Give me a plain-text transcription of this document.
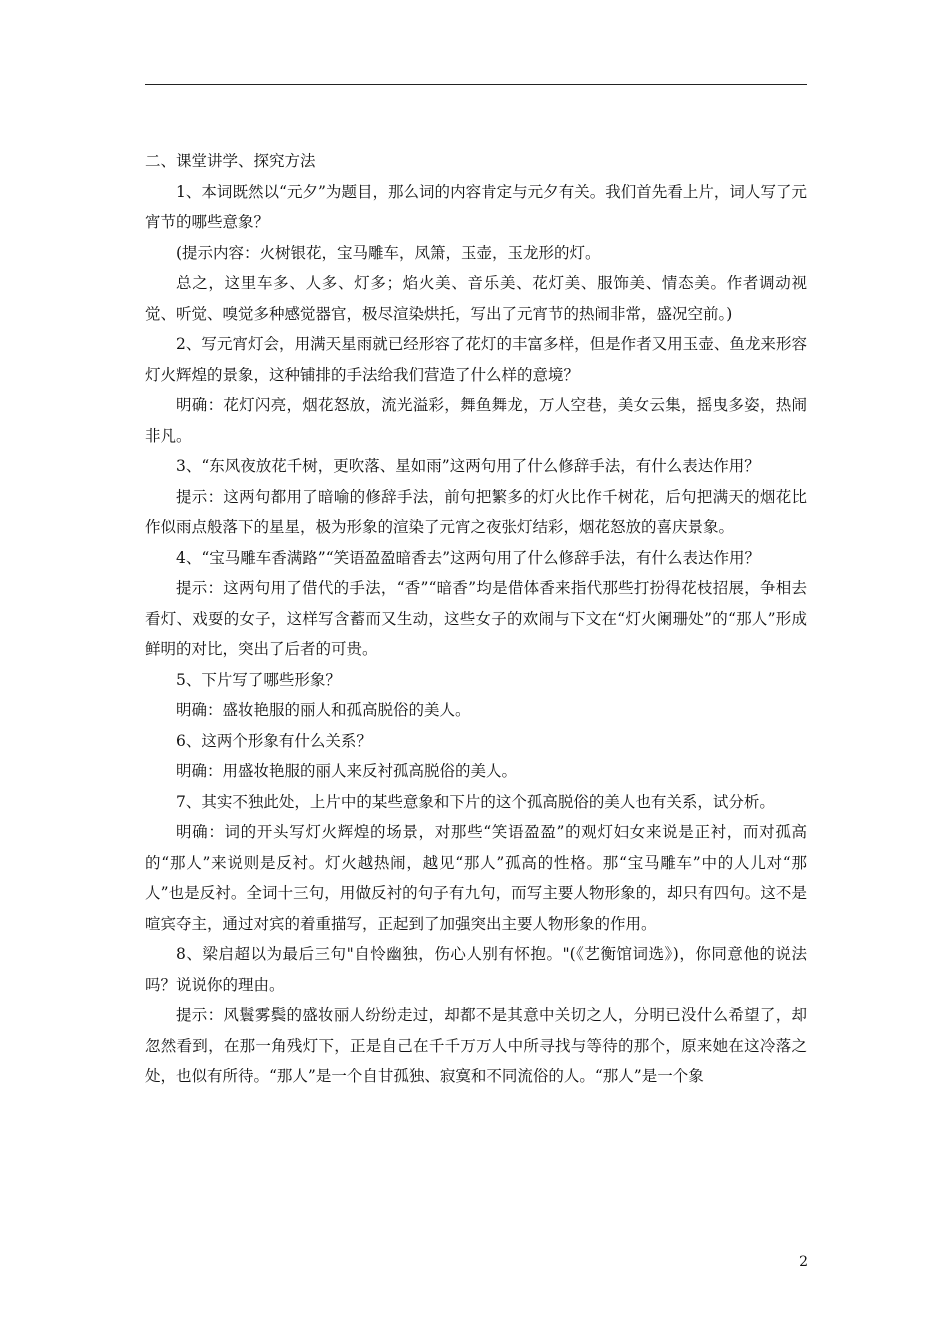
二、课堂讲学、探究方法

1、本词既然以“元夕”为题目，那么词的内容肯定与元夕有关。我们首先看上片，词人写了元宵节的哪些意象？

(提示内容：火树银花，宝马雕车，凤箫，玉壶，玉龙形的灯。

总之，这里车多、人多、灯多；焰火美、音乐美、花灯美、服饰美、情态美。作者调动视觉、听觉、嗅觉多种感觉器官，极尽渲染烘托，写出了元宵节的热闹非常，盛况空前。)

2、写元宵灯会，用满天星雨就已经形容了花灯的丰富多样，但是作者又用玉壶、鱼龙来形容灯火辉煌的景象，这种铺排的手法给我们营造了什么样的意境？

明确：花灯闪亮，烟花怒放，流光溢彩，舞鱼舞龙，万人空巷，美女云集，摇曳多姿，热闹非凡。

3、“东风夜放花千树，更吹落、星如雨”这两句用了什么修辞手法，有什么表达作用？

提示：这两句都用了暗喻的修辞手法，前句把繁多的灯火比作千树花，后句把满天的烟花比作似雨点般落下的星星，极为形象的渲染了元宵之夜张灯结彩，烟花怒放的喜庆景象。

4、“宝马雕车香满路”“笑语盈盈暗香去”这两句用了什么修辞手法，有什么表达作用？

提示：这两句用了借代的手法，“香”“暗香”均是借体香来指代那些打扮得花枝招展，争相去看灯、戏耍的女子，这样写含蓄而又生动，这些女子的欢闹与下文在“灯火阑珊处”的“那人”形成鲜明的对比，突出了后者的可贵。

5、下片写了哪些形象？

明确：盛妆艳服的丽人和孤高脱俗的美人。

6、这两个形象有什么关系？

明确：用盛妆艳服的丽人来反衬孤高脱俗的美人。

7、其实不独此处，上片中的某些意象和下片的这个孤高脱俗的美人也有关系，试分析。

明确：词的开头写灯火辉煌的场景，对那些“笑语盈盈”的观灯妇女来说是正衬，而对孤高的“那人”来说则是反衬。灯火越热闹，越见“那人”孤高的性格。那“宝马雕车”中的人儿对“那人”也是反衬。全词十三句，用做反衬的句子有九句，而写主要人物形象的，却只有四句。这不是喧宾夺主，通过对宾的着重描写，正起到了加强突出主要人物形象的作用。

8、梁启超以为最后三句"自怜幽独，伤心人别有怀抱。"(《艺衡馆词选》)，你同意他的说法吗？说说你的理由。

提示：风鬟雾鬓的盛妆丽人纷纷走过，却都不是其意中关切之人，分明已没什么希望了，却忽然看到，在那一角残灯下，正是自己在千千万万人中所寻找与等待的那个，原来她在这冷落之处，也似有所待。“那人”是一个自甘孤独、寂寞和不同流俗的人。“那人”是一个象

2
